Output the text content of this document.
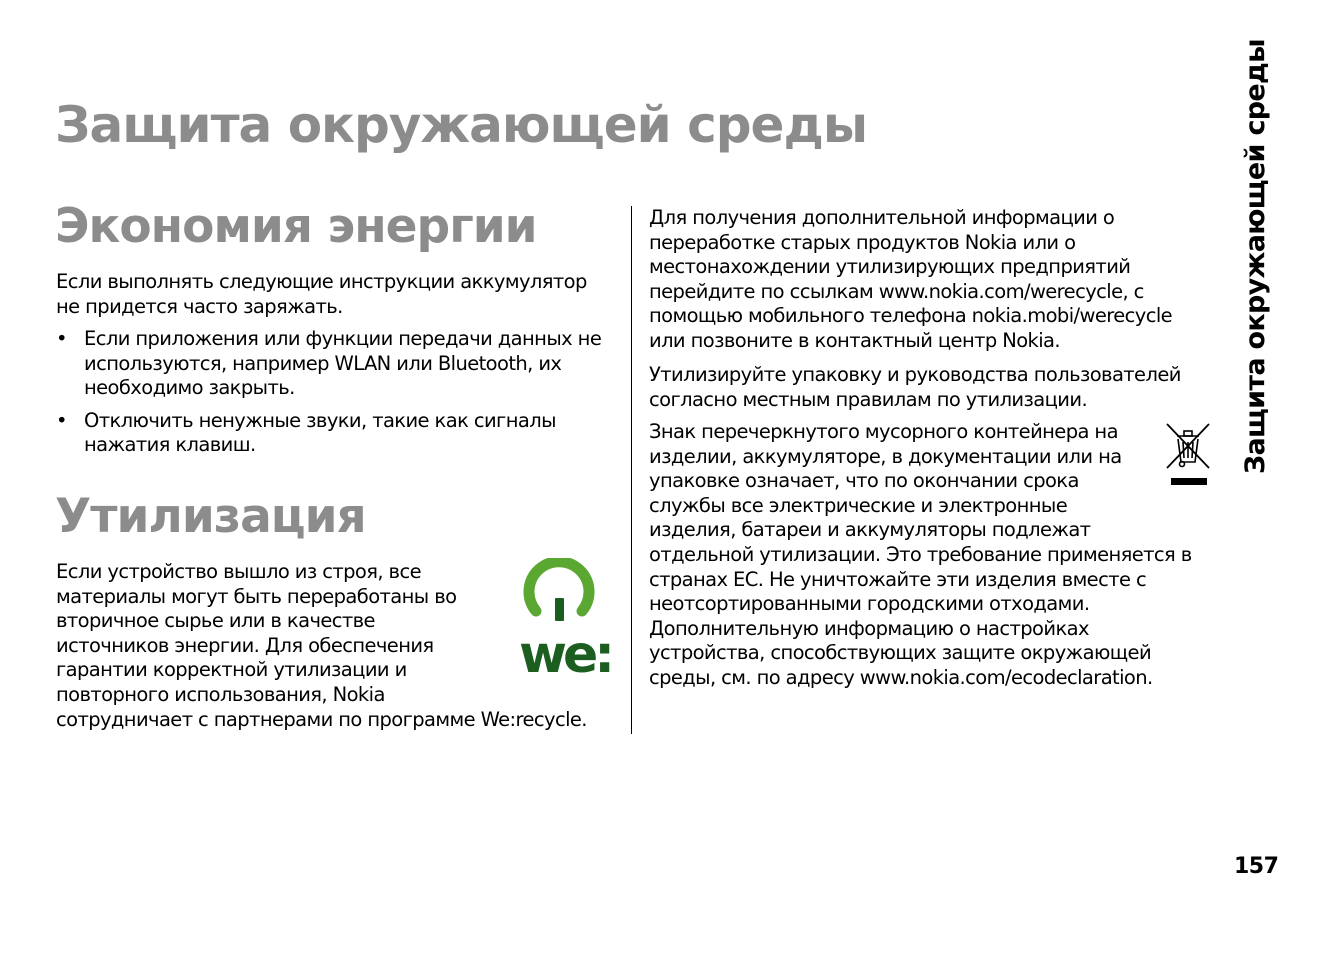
Защита окружающей среды
Экономия энергии

Если выполнять следующие инструкции аккумулятор
не придется часто заряжать.

• Если приложения или функции передачи данных не
используются, например WLAN или Bluetooth, их
необходимо закрыть.
• Отключить ненужные звуки, такие как сигналы
нажатия клавиш.
Утилизация

Если устройство вышло из строя, все
материалы могут быть переработаны во
вторичное сырье или в качестве
источников энергии. Для обеспечения
гарантии корректной утилизации и
повторного использования, Nokia
сотрудничает с партнерами по программе We:recycle.

we:

Для получения дополнительной информации о
переработке старых продуктов Nokia или о
местонахождении утилизирующих предприятий
перейдите по ссылкам www.nokia.com/werecycle, с
помощью мобильного телефона nokia.mobi/werecycle
или позвоните в контактный центр Nokia.

Утилизируйте упаковку и руководства пользователей
согласно местным правилам по утилизации.

Знак перечеркнутого мусорного контейнера на
изделии, аккумуляторе, в документации или на
упаковке означает, что по окончании срока
службы все электрические и электронные
изделия, батареи и аккумуляторы подлежат
отдельной утилизации. Это требование применяется в
странах ЕС. Не уничтожайте эти изделия вместе с
неотсортированными городскими отходами.
Дополнительную информацию о настройках
устройства, способствующих защите окружающей
среды, см. по адресу www.nokia.com/ecodeclaration.

Защита окружающей среды
157
